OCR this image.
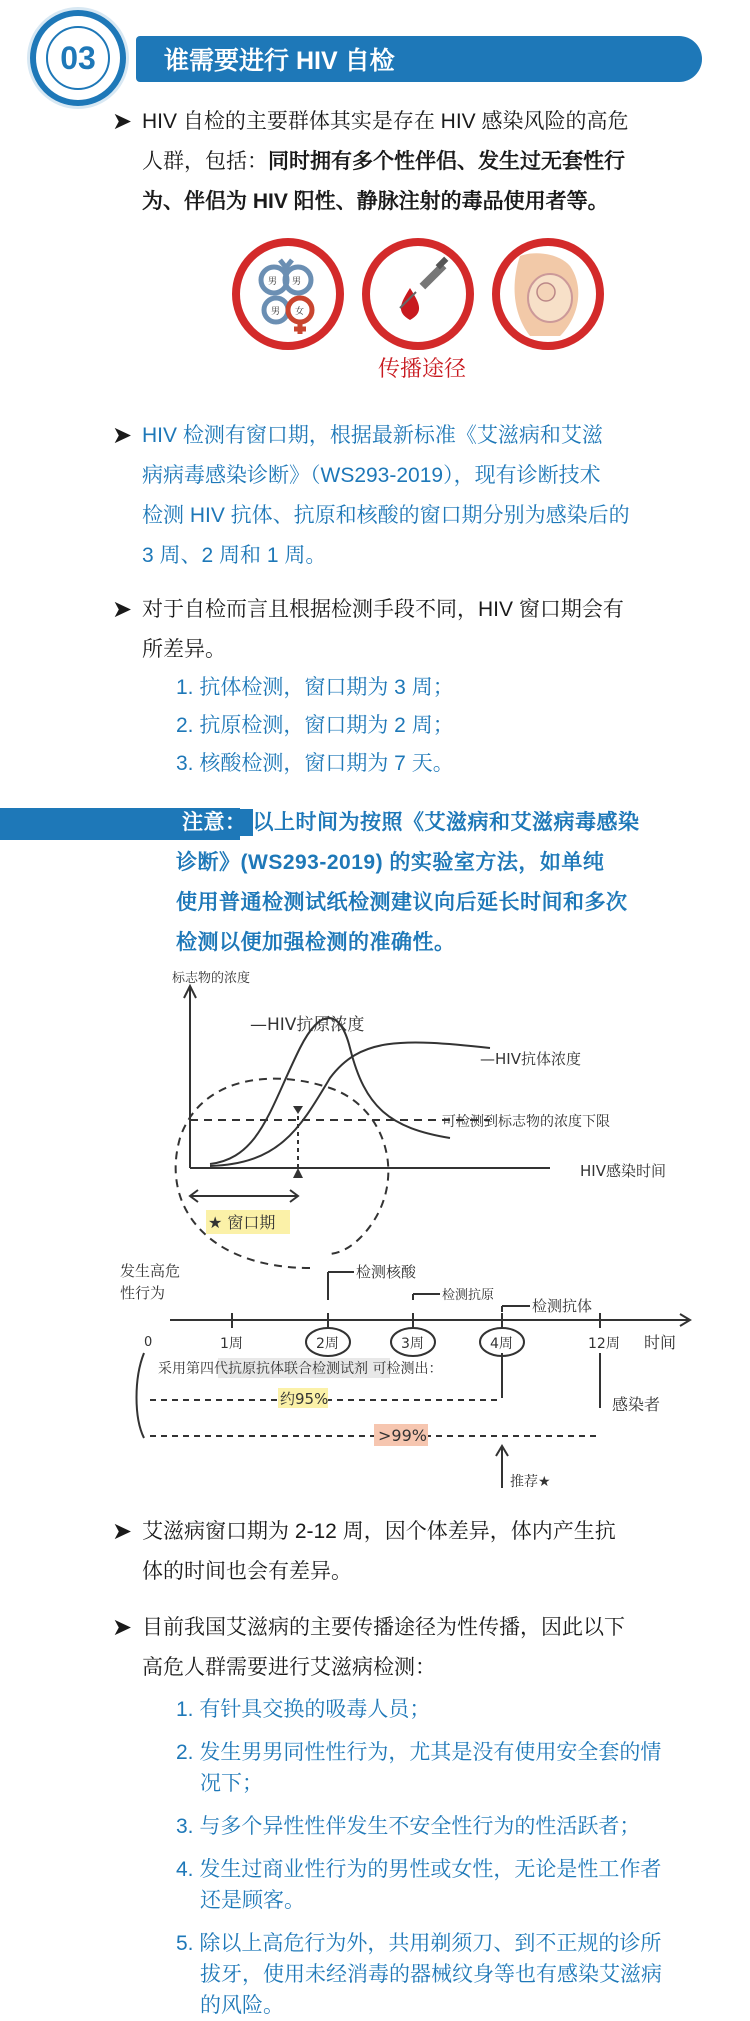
03	谁需要进行 HIV 自检
➤ HIV 自检的主要群体其实是存在 HIV 感染风险的高危
人群，包括：同时拥有多个性伴侣、发生过无套性行
为、伴侣为 HIV 阳性、静脉注射的毒品使用者等。
男 男
男 女
传播途径
➤ HIV 检测有窗口期，根据最新标准《艾滋病和艾滋
病病毒感染诊断》（WS293-2019），现有诊断技术
检测 HIV 抗体、抗原和核酸的窗口期分别为感染后的
3 周、2 周和 1 周。
➤ 对于自检而言且根据检测手段不同，HIV 窗口期会有
所差异。
1. 抗体检测，窗口期为 3 周；
2. 抗原检测，窗口期为 2 周；
3. 核酸检测，窗口期为 7 天。
注意： 以上时间为按照《艾滋病和艾滋病毒感染
诊断》(WS293-2019) 的实验室方法，如单纯
使用普通检测试纸检测建议向后延长时间和多次
检测以便加强检测的准确性。
标志物的浓度
—HIV抗原浓度
—HIV抗体浓度
可检测到标志物的浓度下限
HIV感染时间
★ 窗口期
发生高危
性行为
检测核酸
检测抗原
检测抗体
0	1周	2周	3周	4周	12周 时间
采用第四代抗原抗体联合检测试剂 可检测出：
约95%
>99%
感染者
推荐★
➤ 艾滋病窗口期为 2-12 周，因个体差异，体内产生抗
体的时间也会有差异。
➤ 目前我国艾滋病的主要传播途径为性传播，因此以下
高危人群需要进行艾滋病检测：
1. 有针具交换的吸毒人员；
2. 发生男男同性性行为，尤其是没有使用安全套的情
况下；
3. 与多个异性性伴发生不安全性行为的性活跃者；
4. 发生过商业性行为的男性或女性，无论是性工作者
还是顾客。
5. 除以上高危行为外，共用剃须刀、到不正规的诊所
拔牙，使用未经消毒的器械纹身等也有感染艾滋病
的风险。
